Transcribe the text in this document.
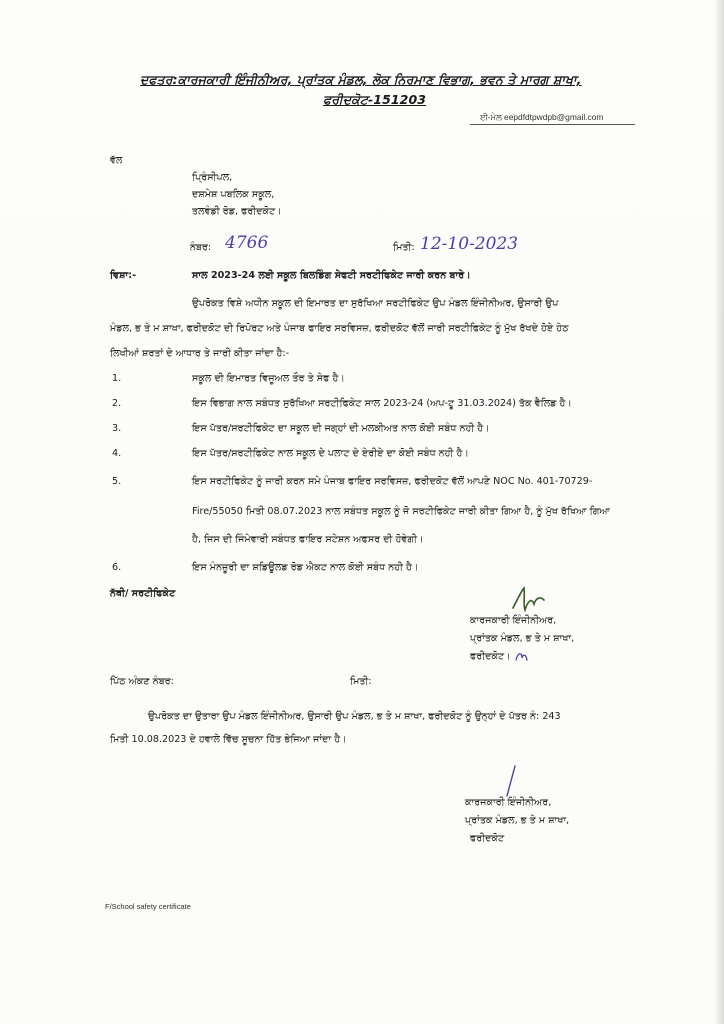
ਦਫਤਰ:ਕਾਰਜਕਾਰੀ ਇੰਜੀਨੀਅਰ, ਪ੍ਰਾਂਤਕ ਮੰਡਲ, ਲੋਕ ਨਿਰਮਾਣ ਵਿਭਾਗ, ਭਵਨ ਤੇ ਮਾਰਗ ਸ਼ਾਖਾ,
ਫਰੀਦਕੋਟ-151203
ਈ-ਮੇਲ eepdfdtpwdpb@gmail.com
ਵੱਲ
ਪ੍ਰਿੰਸੀਪਲ,
ਦਸ਼ਮੇਸ਼ ਪਬਲਿਕ ਸਕੂਲ,
ਤਲਵੰਡੀ ਰੋਡ, ਫਰੀਦਕੋਟ।
ਨੰਬਰ: 4766	ਮਿਤੀ: 12-10-2023
ਵਿਸ਼ਾ:-	ਸਾਲ 2023-24 ਲਈ ਸਕੂਲ ਬਿਲਡਿੰਗ ਸੇਫਟੀ ਸਰਟੀਫਿਕੇਟ ਜਾਰੀ ਕਰਨ ਬਾਰੇ।
ਉਪਰੋਕਤ ਵਿਸ਼ੇ ਅਧੀਨ ਸਕੂਲ ਦੀ ਇਮਾਰਤ ਦਾ ਸੁਰੱਖਿਆ ਸਰਟੀਫਿਕੇਟ ਉਪ ਮੰਡਲ ਇੰਜੀਨੀਅਰ, ਉਸਾਰੀ ਉਪ
ਮੰਡਲ, ਭ ਤੇ ਮ ਸ਼ਾਖਾ, ਫਰੀਦਕੋਟ ਦੀ ਰਿਪੋਰਟ ਅਤੇ ਪੰਜਾਬ ਫਾਇਰ ਸਰਵਿਸਜ਼, ਫਰੀਦਕੋਟ ਵੱਲੋਂ ਜਾਰੀ ਸਰਟੀਫਿਕੇਟ ਨੂੰ ਮੁੱਖ ਰੱਖਦੇ ਹੋਏ ਹੇਠ
ਲਿਖੀਆਂ ਸ਼ਰਤਾਂ ਦੇ ਆਧਾਰ ਤੇ ਜਾਰੀ ਕੀਤਾ ਜਾਂਦਾ ਹੈ:-
1.	ਸਕੂਲ ਦੀ ਇਮਾਰਤ ਵਿਜੂਅਲ ਤੌਰ ਤੇ ਸੇਫ ਹੈ।
2.	ਇਸ ਵਿਭਾਗ ਨਾਲ ਸਬੰਧਤ ਸੁਰੱਖਿਆ ਸਰਟੀਫਿਕੇਟ ਸਾਲ 2023-24 (ਅਪ-ਟੂ 31.03.2024) ਤੱਕ ਵੈਲਿਡ ਹੈ।
3.	ਇਸ ਪੱਤਰ/ਸਰਟੀਫਿਕੇਟ ਦਾ ਸਕੂਲ ਦੀ ਜਗ੍ਹਾਂ ਦੀ ਮਲਕੀਅਤ ਨਾਲ ਕੋਈ ਸਬੰਧ ਨਹੀ ਹੈ।
4.	ਇਸ ਪੱਤਰ/ਸਰਟੀਫਿਕੇਟ ਨਾਲ ਸਕੂਲ ਦੇ ਪਲਾਟ ਦੇ ਏਰੀਏ ਦਾ ਕੋਈ ਸਬੰਧ ਨਹੀ ਹੈ।
5.	ਇਸ ਸਰਟੀਫਿਕੇਟ ਨੂੰ ਜਾਰੀ ਕਰਨ ਸਮੇ ਪੰਜਾਬ ਫਾਇਰ ਸਰਵਿਸਜ਼, ਫਰੀਦਕੋਟ ਵੱਲੋਂ ਆਪਣੇ NOC No. 401-70729-
Fire/55050 ਮਿਤੀ 08.07.2023 ਨਾਲ ਸਬੰਧਤ ਸਕੂਲ ਨੂੰ ਜੋ ਸਰਟੀਫਿਕੇਟ ਜਾਰੀ ਕੀਤਾ ਗਿਆ ਹੈ, ਨੂੰ ਮੁੱਖ ਰੱਖਿਆ ਗਿਆ
ਹੈ, ਜਿਸ ਦੀ ਜਿੰਮੇਵਾਰੀ ਸਬੰਧਤ ਫਾਇਰ ਸਟੇਸ਼ਨ ਅਫਸਰ ਦੀ ਹੋਵੇਗੀ।
6.	ਇਸ ਮੰਨਜ਼ੂਰੀ ਦਾ ਸ਼ਡਿਊਲਡ ਰੋਡ ਐਕਟ ਨਾਲ ਕੋਈ ਸਬੰਧ ਨਹੀ ਹੈ।
ਨੱਥੀ/ ਸਰਟੀਫਿਕੇਟ
ਕਾਰਜਕਾਰੀ ਇੰਜੀਨੀਅਰ,
ਪ੍ਰਾਂਤਕ ਮੰਡਲ, ਭ ਤੇ ਮ ਸ਼ਾਖਾ,
ਫਰੀਦਕੋਟ।
ਪਿੱਠ ਅੰਕਣ ਨੰਬਰ:	ਮਿਤੀ:
ਉਪਰੋਕਤ ਦਾ ਉਤਾਰਾ ਉਪ ਮੰਡਲ ਇੰਜੀਨੀਅਰ, ਉਸਾਰੀ ਉਪ ਮੰਡਲ, ਭ ਤੇ ਮ ਸ਼ਾਖਾ, ਫਰੀਦਕੋਟ ਨੂੰ ਉਨ੍ਹਾਂ ਦੇ ਪੱਤਰ ਨੰ: 243
ਮਿਤੀ 10.08.2023 ਦੇ ਹਵਾਲੇ ਵਿੱਚ ਸੂਚਨਾ ਹਿੱਤ ਭੇਜਿਆ ਜਾਂਦਾ ਹੈ।
ਕਾਰਜਕਾਰੀ ਇੰਜੀਨੀਅਰ,
ਪ੍ਰਾਂਤਕ ਮੰਡਲ, ਭ ਤੇ ਮ ਸ਼ਾਖਾ,
ਫਰੀਦਕੋਟ
F/School safety certificate
